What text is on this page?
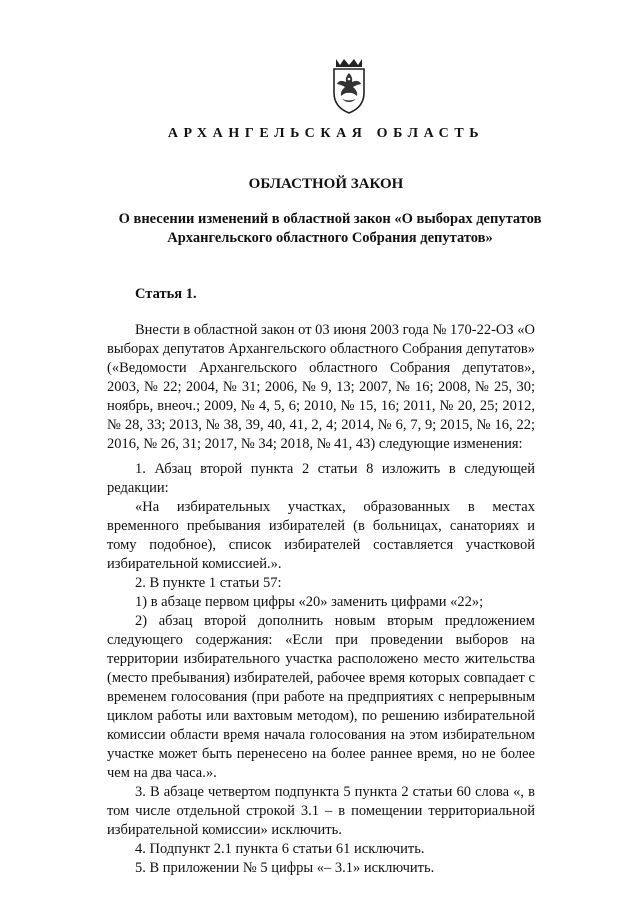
АРХАНГЕЛЬСКАЯ ОБЛАСТЬ
ОБЛАСТНОЙ ЗАКОН
О внесении изменений в областной закон «О выборах депутатов Архангельского областного Собрания депутатов»
Статья 1.

Внести в областной закон от 03 июня 2003 года № 170-22-ОЗ «О выборах депутатов Архангельского областного Собрания депутатов» («Ведомости Архангельского областного Собрания депутатов», 2003, № 22; 2004, № 31; 2006, № 9, 13; 2007, № 16; 2008, № 25, 30; ноябрь, внеоч.; 2009, № 4, 5, 6; 2010, № 15, 16; 2011, № 20, 25; 2012, № 28, 33; 2013, № 38, 39, 40, 41, 2, 4; 2014, № 6, 7, 9; 2015, № 16, 22; 2016, № 26, 31; 2017, № 34; 2018, № 41, 43) следующие изменения:

1. Абзац второй пункта 2 статьи 8 изложить в следующей редакции:

«На избирательных участках, образованных в местах временного пребывания избирателей (в больницах, санаториях и тому подобное), список избирателей составляется участковой избирательной комиссией.».

2. В пункте 1 статьи 57:

1) в абзаце первом цифры «20» заменить цифрами «22»;

2) абзац второй дополнить новым вторым предложением следующего содержания: «Если при проведении выборов на территории избирательного участка расположено место жительства (место пребывания) избирателей, рабочее время которых совпадает с временем голосования (при работе на предприятиях с непрерывным циклом работы или вахтовым методом), по решению избирательной комиссии области время начала голосования на этом избирательном участке может быть перенесено на более раннее время, но не более чем на два часа.».

3. В абзаце четвертом подпункта 5 пункта 2 статьи 60 слова «, в том числе отдельной строкой 3.1 – в помещении территориальной избирательной комиссии» исключить.

4. Подпункт 2.1 пункта 6 статьи 61 исключить.

5. В приложении № 5 цифры «– 3.1» исключить.
